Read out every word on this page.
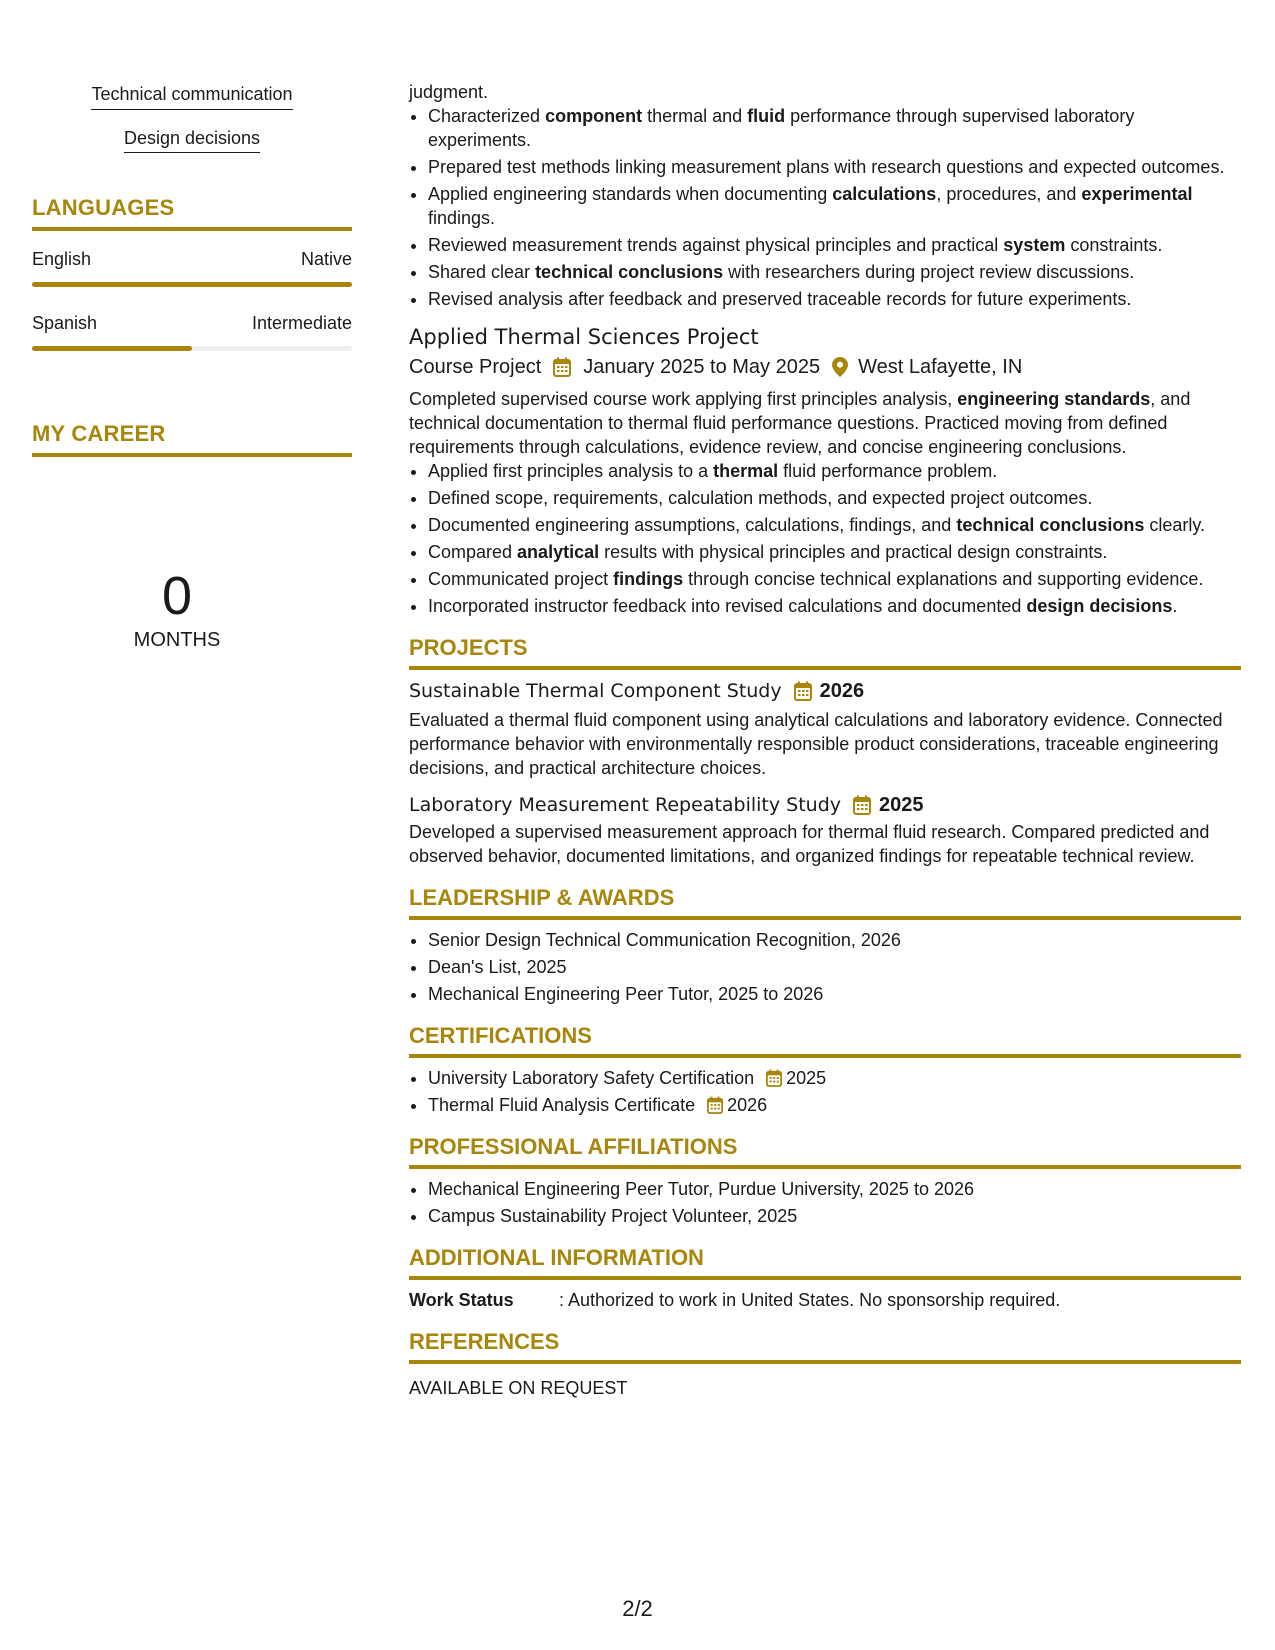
Technical communication
Design decisions
LANGUAGES
English	Native
Spanish	Intermediate
MY CAREER
0
MONTHS
judgment.
• Characterized component thermal and fluid performance through supervised laboratory experiments.
• Prepared test methods linking measurement plans with research questions and expected outcomes.
• Applied engineering standards when documenting calculations, procedures, and experimental findings.
• Reviewed measurement trends against physical principles and practical system constraints.
• Shared clear technical conclusions with researchers during project review discussions.
• Revised analysis after feedback and preserved traceable records for future experiments.
Applied Thermal Sciences Project
Course Project January 2025 to May 2025 West Lafayette, IN
Completed supervised course work applying first principles analysis, engineering standards, and technical documentation to thermal fluid performance questions. Practiced moving from defined requirements through calculations, evidence review, and concise engineering conclusions.
• Applied first principles analysis to a thermal fluid performance problem.
• Defined scope, requirements, calculation methods, and expected project outcomes.
• Documented engineering assumptions, calculations, findings, and technical conclusions clearly.
• Compared analytical results with physical principles and practical design constraints.
• Communicated project findings through concise technical explanations and supporting evidence.
• Incorporated instructor feedback into revised calculations and documented design decisions.
PROJECTS
Sustainable Thermal Component Study 2026
Evaluated a thermal fluid component using analytical calculations and laboratory evidence. Connected performance behavior with environmentally responsible product considerations, traceable engineering decisions, and practical architecture choices.
Laboratory Measurement Repeatability Study 2025
Developed a supervised measurement approach for thermal fluid research. Compared predicted and observed behavior, documented limitations, and organized findings for repeatable technical review.
LEADERSHIP & AWARDS
• Senior Design Technical Communication Recognition, 2026
• Dean's List, 2025
• Mechanical Engineering Peer Tutor, 2025 to 2026
CERTIFICATIONS
• University Laboratory Safety Certification 2025
• Thermal Fluid Analysis Certificate 2026
PROFESSIONAL AFFILIATIONS
• Mechanical Engineering Peer Tutor, Purdue University, 2025 to 2026
• Campus Sustainability Project Volunteer, 2025
ADDITIONAL INFORMATION
Work Status	: Authorized to work in United States. No sponsorship required.
REFERENCES
AVAILABLE ON REQUEST
2/2
